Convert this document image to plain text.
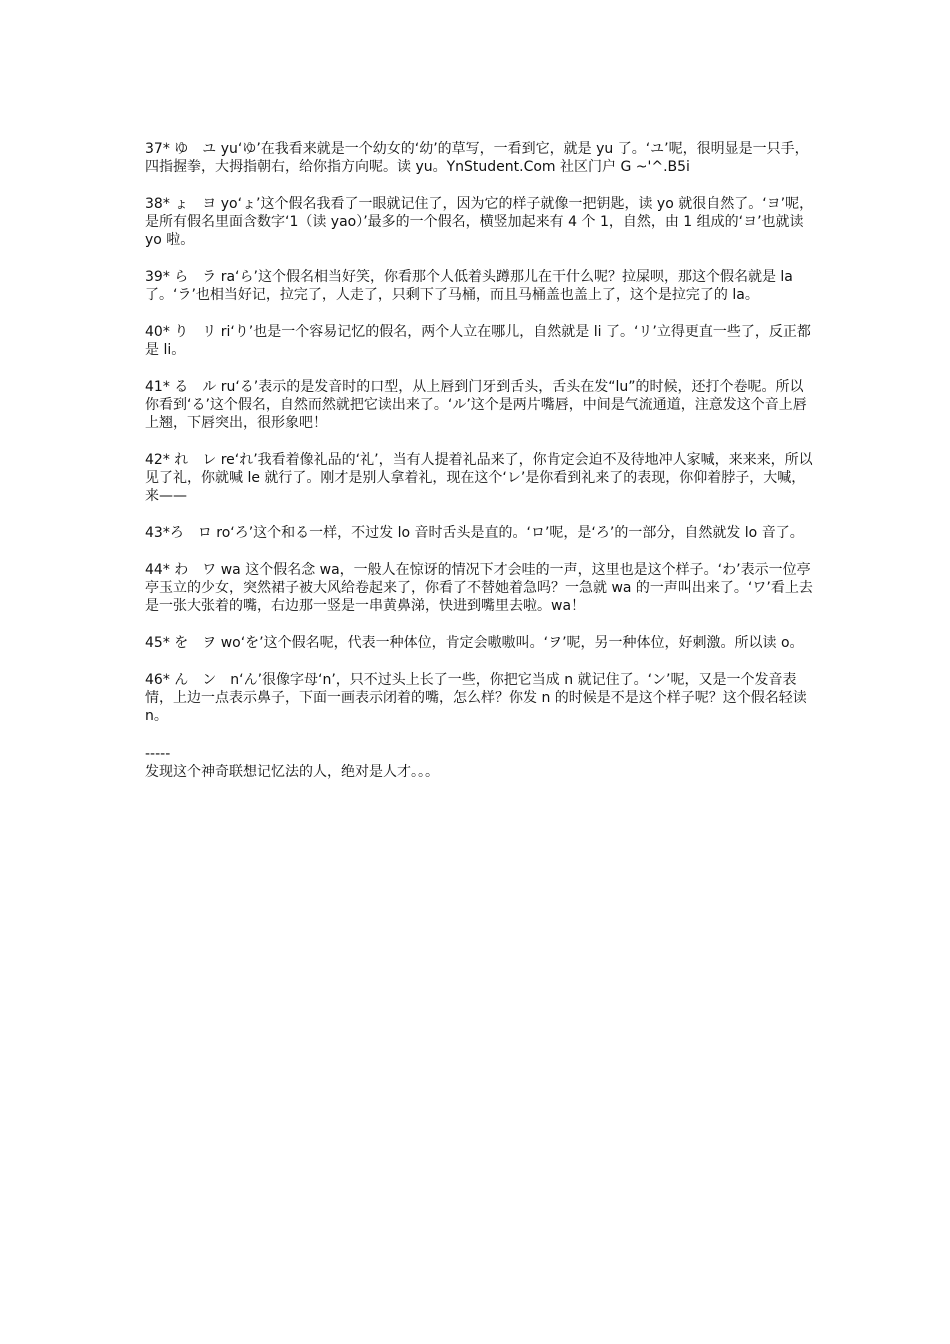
37* ゆ　ユ yu‘ゆ’在我看来就是一个幼女的‘幼’的草写，一看到它，就是 yu 了。‘ユ’呢，很明显是一只手，四指握拳，大拇指朝右，给你指方向呢。读 yu。YnStudent.Com 社区门户 G ~'^.B5i

38* ょ　ヨ yo‘ょ’这个假名我看了一眼就记住了，因为它的样子就像一把钥匙，读 yo 就很自然了。‘ヨ’呢，是所有假名里面含数字‘1（读 yao）’最多的一个假名，横竖加起来有 4 个 1，自然，由 1 组成的‘ヨ’也就读 yo 啦。

39* ら　ラ ra‘ら’这个假名相当好笑，你看那个人低着头蹲那儿在干什么呢？拉屎呗，那这个假名就是 la 了。‘ラ’也相当好记，拉完了，人走了，只剩下了马桶，而且马桶盖也盖上了，这个是拉完了的 la。

40* り　リ ri‘り’也是一个容易记忆的假名，两个人立在哪儿，自然就是 li 了。‘リ’立得更直一些了，反正都是 li。

41* る　ル ru‘る’表示的是发音时的口型，从上唇到门牙到舌头，舌头在发“lu”的时候，还打个卷呢。所以你看到‘る’这个假名，自然而然就把它读出来了。‘ル’这个是两片嘴唇，中间是气流通道，注意发这个音上唇上翘，下唇突出，很形象吧！

42* れ　レ re‘れ’我看着像礼品的‘礼’，当有人提着礼品来了，你肯定会迫不及待地冲人家喊，来来来，所以见了礼，你就喊 le 就行了。刚才是别人拿着礼，现在这个‘レ’是你看到礼来了的表现，你仰着脖子，大喊，来——

43*ろ　ロ ro‘ろ’这个和る一样，不过发 lo 音时舌头是直的。‘ロ’呢，是‘ろ’的一部分，自然就发 lo 音了。

44* わ　ワ wa 这个假名念 wa，一般人在惊讶的情况下才会哇的一声，这里也是这个样子。‘わ’表示一位亭亭玉立的少女，突然裙子被大风给卷起来了，你看了不替她着急吗？一急就 wa 的一声叫出来了。‘ワ’看上去是一张大张着的嘴，右边那一竖是一串黄鼻涕，快进到嘴里去啦。wa！

45* を　ヲ wo‘を’这个假名呢，代表一种体位，肯定会嗷嗷叫。‘ヲ’呢，另一种体位，好刺激。所以读 o。

46* ん　ン　n‘ん’很像字母‘n’，只不过头上长了一些，你把它当成 n 就记住了。‘ン’呢，又是一个发音表情，上边一点表示鼻子，下面一画表示闭着的嘴，怎么样？你发 n 的时候是不是这个样子呢？这个假名轻读 n。

-----

发现这个神奇联想记忆法的人，绝对是人才。。。
